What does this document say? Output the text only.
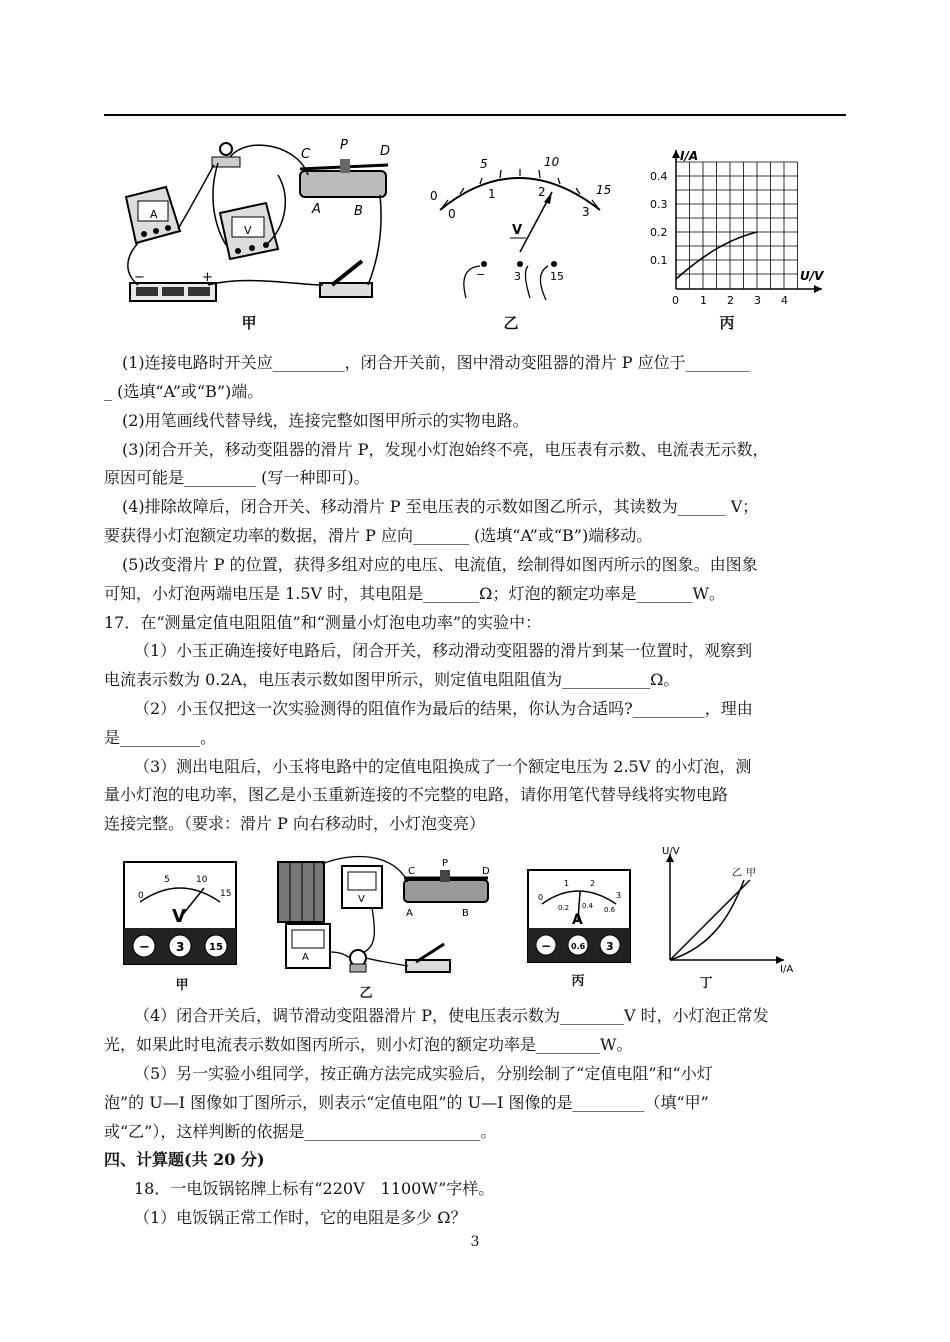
−	+
A
V
C
P D
A	B
甲
0
1	2
3
0
5	10
15
V
−	3	15
乙
I/A
U/V
0.1
0.2
0.3
0.4
0 1 2 3 4
丙
(1)连接电路时开关应_________，闭合开关前，图中滑动变阻器的滑片 P 应位于________
_ (选填“A”或“B”)端。
(2)用笔画线代替导线，连接完整如图甲所示的实物电路。
(3)闭合开关，移动变阻器的滑片 P，发现小灯泡始终不亮，电压表有示数、电流表无示数，
原因可能是_________ (写一种即可)。
(4)排除故障后，闭合开关、移动滑片 P 至电压表的示数如图乙所示，其读数为______ V；
要获得小灯泡额定功率的数据，滑片 P 应向_______ (选填“A”或“B”)端移动。
(5)改变滑片 P 的位置，获得多组对应的电压、电流值，绘制得如图丙所示的图象。由图象
可知，小灯泡两端电压是 1.5V 时，其电阻是_______Ω；灯泡的额定功率是_______W。
17．在“测量定值电阻阻值”和“测量小灯泡电功率”的实验中：
（1）小玉正确连接好电路后，闭合开关，移动滑动变阻器的滑片到某一位置时，观察到
电流表示数为 0.2A，电压表示数如图甲所示，则定值电阻阻值为___________Ω。
（2）小玉仅把这一次实验测得的阻值作为最后的结果，你认为合适吗?_________，理由
是__________。
（3）测出电阻后，小玉将电路中的定值电阻换成了一个额定电压为 2.5V 的小灯泡，测
量小灯泡的电功率，图乙是小玉重新连接的不完整的电路，请你用笔代替导线将实物电路
连接完整。（要求：滑片 P 向右移动时，小灯泡变亮）
0
5	10
15
V
− 3 15
甲
V
A
C
P
D
A	B
乙
0
1	2
3
0.2 0.4 0.6
A
− 0.6 3
丙
U/V
I/A
乙 甲
丁
（4）闭合开关后，调节滑动变阻器滑片 P，使电压表示数为________V 时，小灯泡正常发
光，如果此时电流表示数如图丙所示，则小灯泡的额定功率是________W。
（5）另一实验小组同学，按正确方法完成实验后，分别绘制了“定值电阻”和“小灯
泡”的 U—I 图像如丁图所示，则表示“定值电阻”的 U—I 图像的是_________（填“甲”
或“乙”），这样判断的依据是______________________。
四、计算题(共 20 分)
18．一电饭锅铭牌上标有“220V　1100W”字样。
（1）电饭锅正常工作时，它的电阻是多少 Ω？
3
